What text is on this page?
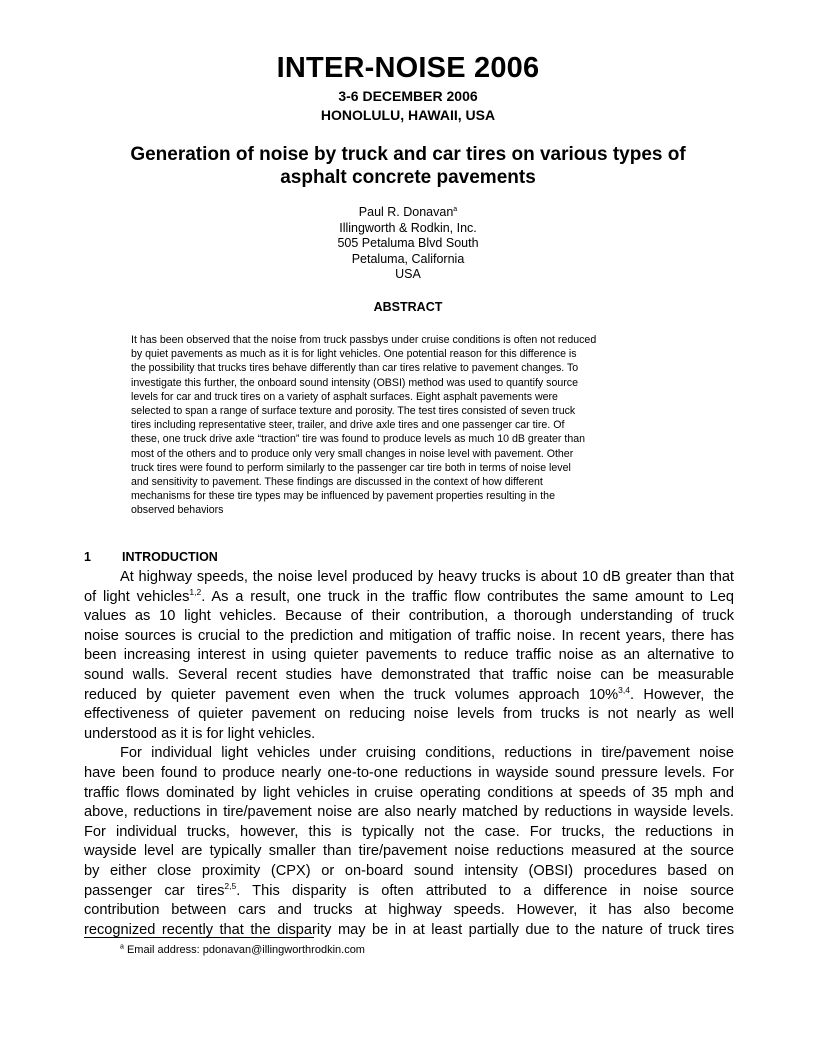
INTER-NOISE 2006
3-6 DECEMBER 2006
HONOLULU, HAWAII, USA
Generation of noise by truck and car tires on various types of
asphalt concrete pavements
Paul R. Donavan$^a$
Illingworth & Rodkin, Inc.
505 Petaluma Blvd South
Petaluma, California
USA
ABSTRACT
It has been observed that the noise from truck passbys under cruise conditions is often not reduced
by quiet pavements as much as it is for light vehicles. One potential reason for this difference is
the possibility that trucks tires behave differently than car tires relative to pavement changes. To
investigate this further, the onboard sound intensity (OBSI) method was used to quantify source
levels for car and truck tires on a variety of asphalt surfaces. Eight asphalt pavements were
selected to span a range of surface texture and porosity. The test tires consisted of seven truck
tires including representative steer, trailer, and drive axle tires and one passenger car tire. Of
these, one truck drive axle “traction” tire was found to produce levels as much 10 dB greater than
most of the others and to produce only very small changes in noise level with pavement. Other
truck tires were found to perform similarly to the passenger car tire both in terms of noise level
and sensitivity to pavement. These findings are discussed in the context of how different
mechanisms for these tire types may be influenced by pavement properties resulting in the
observed behaviors
1 INTRODUCTION
At highway speeds, the noise level produced by heavy trucks is about 10 dB greater than that
of light vehicles$^{1,2}$. As a result, one truck in the traffic flow contributes the same amount to Leq
values as 10 light vehicles. Because of their contribution, a thorough understanding of truck
noise sources is crucial to the prediction and mitigation of traffic noise. In recent years, there has
been increasing interest in using quieter pavements to reduce traffic noise as an alternative to
sound walls. Several recent studies have demonstrated that traffic noise can be measurable
reduced by quieter pavement even when the truck volumes approach 10%$^{3,4}$. However, the
effectiveness of quieter pavement on reducing noise levels from trucks is not nearly as well
understood as it is for light vehicles.
For individual light vehicles under cruising conditions, reductions in tire/pavement noise
have been found to produce nearly one-to-one reductions in wayside sound pressure levels. For
traffic flows dominated by light vehicles in cruise operating conditions at speeds of 35 mph and
above, reductions in tire/pavement noise are also nearly matched by reductions in wayside levels.
For individual trucks, however, this is typically not the case. For trucks, the reductions in
wayside level are typically smaller than tire/pavement noise reductions measured at the source
by either close proximity (CPX) or on-board sound intensity (OBSI) procedures based on
passenger car tires$^{2,5}$. This disparity is often attributed to a difference in noise source
contribution between cars and trucks at highway speeds. However, it has also become
recognized recently that the disparity may be in at least partially due to the nature of truck tires
$^a$ Email address: pdonavan@illingworthrodkin.com
